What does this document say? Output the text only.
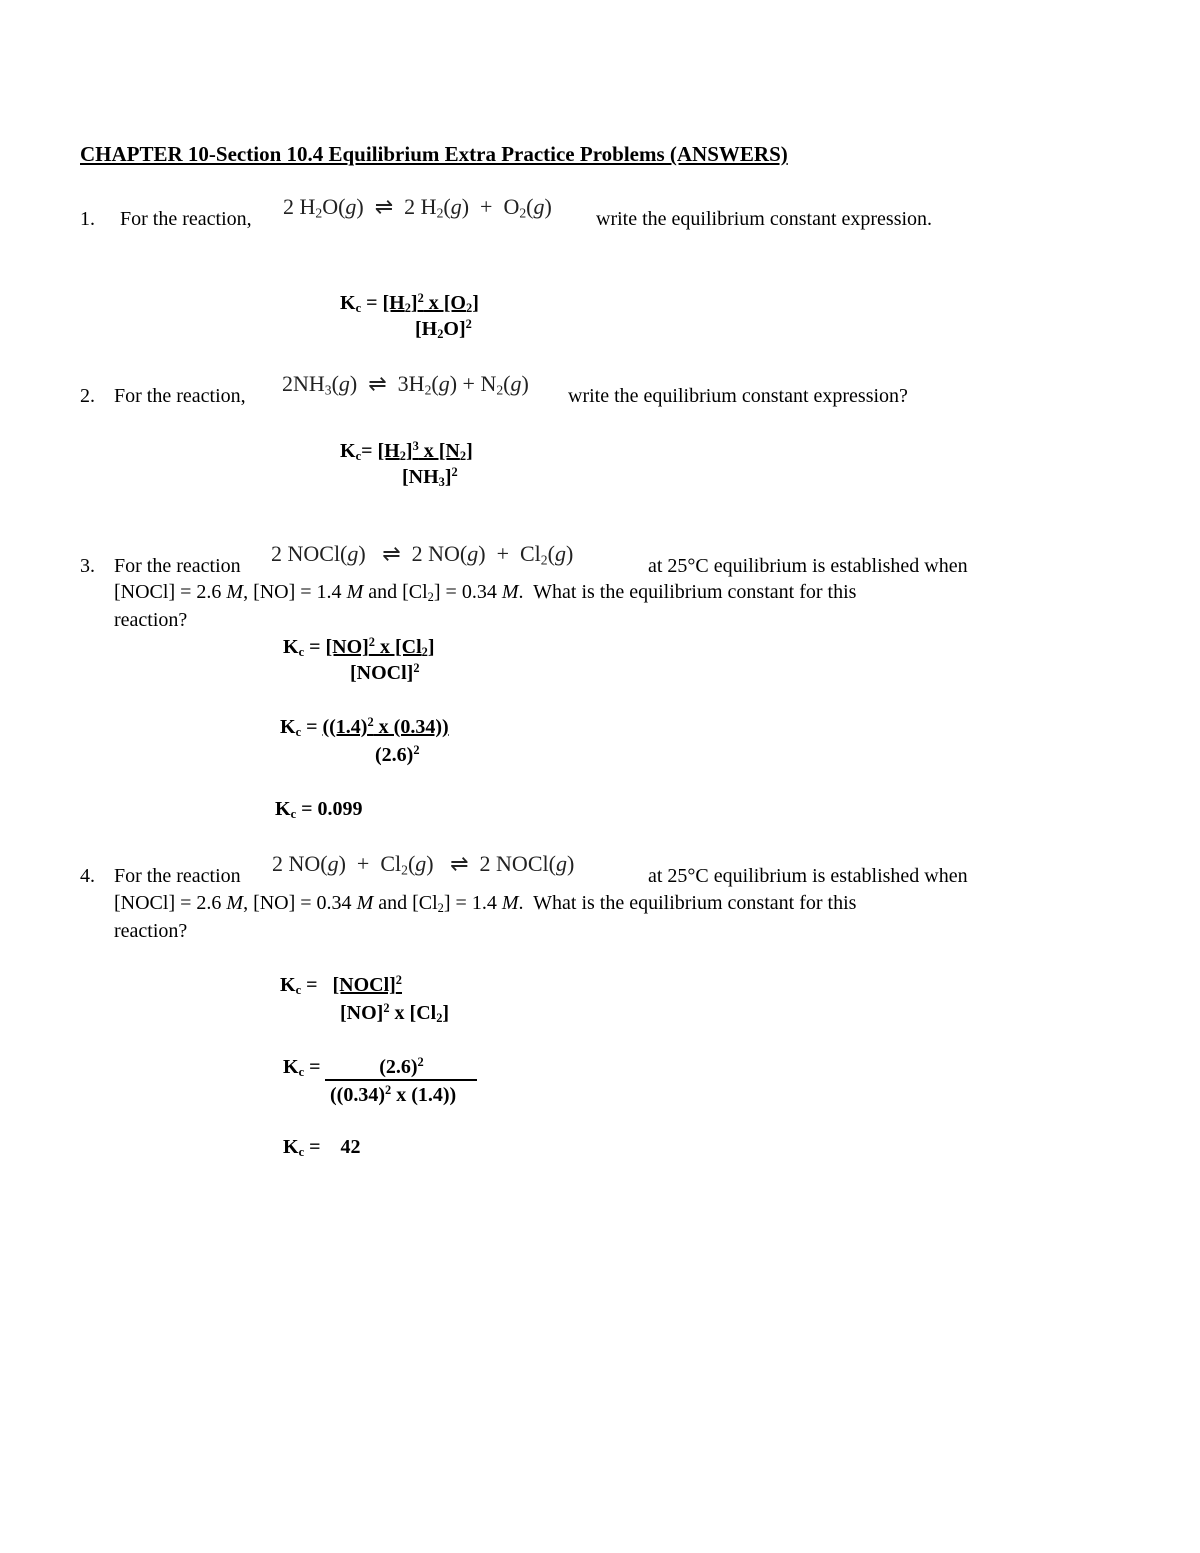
CHAPTER 10-Section 10.4 Equilibrium Extra Practice Problems (ANSWERS)
1. For the reaction, 2 $H_2O(g)$  ⇌  2 $H_2(g) + O_2(g)$ write the equilibrium constant expression.
$K_c = [H_2]^2$ x $[O_2]$
$[H_2O]^2$
2. For the reaction, $2NH_3(g)$  ⇌  $3H_2(g) + N_2(g)$ write the equilibrium constant expression?
$K_c= [H_2]^3$ x $[N_2]$
$[NH_3]^2$
3. For the reaction 2 NOCl(g)   ⇌  2 $NO(g) + Cl_2(g)$	at 25°C equilibrium is established when
[NOCl] = 2.6 M, [NO] = 1.4 M and $[Cl_2] = 0.34$ M.  What is the equilibrium constant for this
reaction?
$K_c = [NO]^2$ x $[Cl_2]$
[NOCl]$^2$
$K_c = ((1.4)^2$ x (0.34))
$(2.6)^2$
$K_c = 0.099$
4. For the reaction 2 $NO(g) + Cl_2(g)$   ⇌  2 NOCl(g)	at 25°C equilibrium is established when
[NOCl] = 2.6 M, [NO] = 0.34 M and $[Cl_2] = 1.4$ M.  What is the equilibrium constant for this
reaction?
$K_c$ =   [NOCl]$^2$
[NO]$^2$ x $[Cl_2]$
$K_c$ =	$(2.6)^2$
($(0.34)^2$ x (1.4))
$K_c$ =    42
